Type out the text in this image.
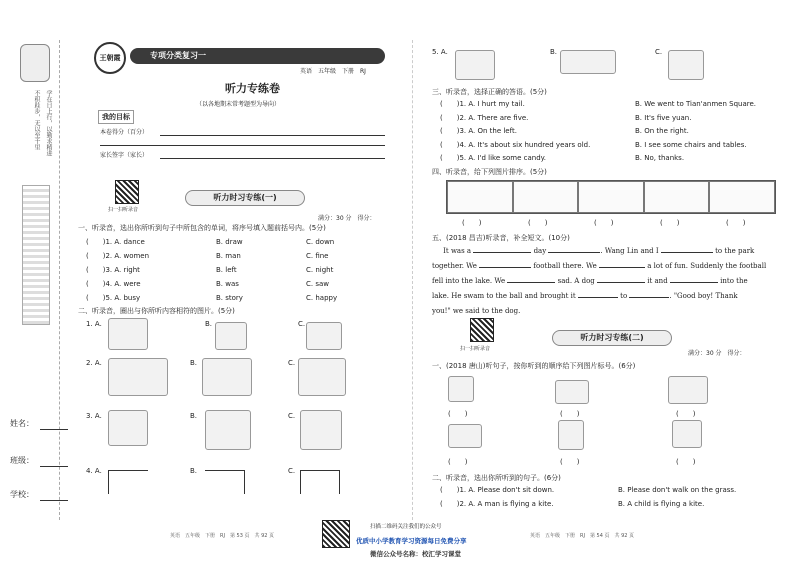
不积跬步，无以至千里 学在日上行，以勤求精进
姓名：
班级：
学校：
王朝霞	专项分类复习一
英语　五年级　下册　RJ
听力专练卷
（以各地期末常考题型为导向）
我的目标
本卷得分（百分）
家长签字（家长）
扫一扫听录音
听力时习专练(一)
满分：30 分　得分：
一、听录音，选出你所听到句子中所包含的单词，将序号填入题前括号内。(5分)
(　　)1. A. dance	B. draw	C. down
(　　)2. A. women	B. man	C. fine
(　　)3. A. right	B. left	C. night
(　　)4. A. were	B. was	C. saw
(　　)5. A. busy	B. story	C. happy
二、听录音，圈出与你所听内容相符的图片。(5分)
1. A.	B.	C.
2. A.	B.	C.
3. A.	B.	C.
4. A.	B.	C.
英语　五年级　下册　RJ　第 53 页　共 92 页
5. A.	B.	C.
三、听录音，选择正确的答语。(5分)
(　　)1. A. I hurt my tail.	B. We went to Tian'anmen Square.
(　　)2. A. There are five.	B. It's five yuan.
(　　)3. A. On the left.	B. On the right.
(　　)4. A. It's about six hundred years old.	B. I see some chairs and tables.
(　　)5. A. I'd like some candy.	B. No, thanks.
四、听录音，给下列图片排序。(5分)
(　　)	(　　)	(　　)	(　　)	(　　)
五、(2018 昌吉)听录音，补全短文。(10分)
It was a	day	. Wang Lin and I	to the park
together. We	football there. We	a lot of fun. Suddenly the football
fell into the lake. We	sad. A dog	it and	into the
lake. He swam to the ball and brought it	to	. "Good boy! Thank
you!" we said to the dog.
扫一扫听录音
听力时习专练(二)
满分：30 分　得分：
一、(2018 唐山)听句子，按你听到的顺序给下列图片标号。(6分)
(　　)	(　　)	(　　)
(　　)	(　　)	(　　)
二、听录音，选出你所听到的句子。(6分)
(　　)1. A. Please don't sit down.	B. Please don't walk on the grass.
(　　)2. A. A man is flying a kite.	B. A child is flying a kite.
英语　五年级　下册　RJ　第 54 页　共 92 页
扫描二维码关注我们的公众号
优质中小学教育学习资源每日免费分享
微信公众号名称：校汇学习课堂
